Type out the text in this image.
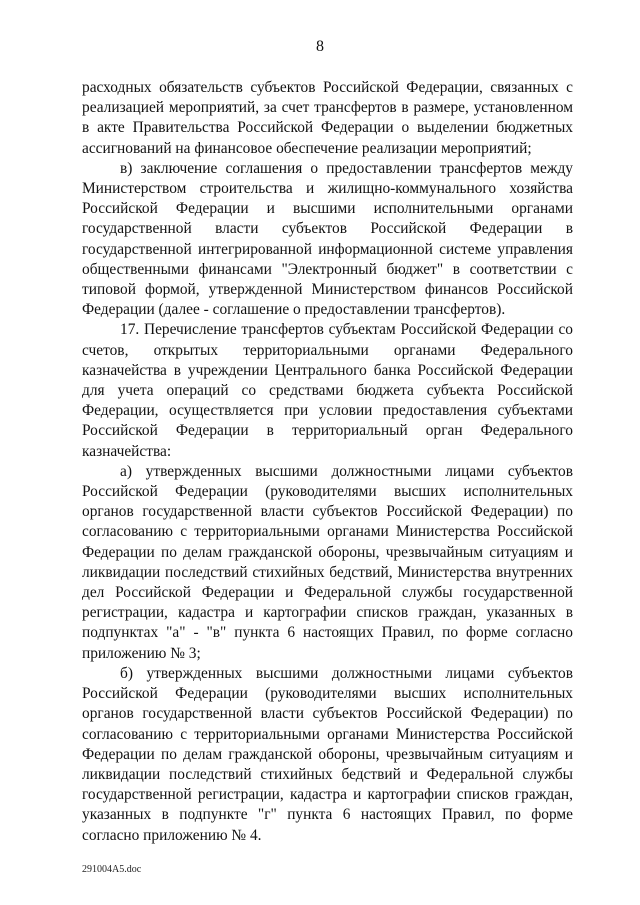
8

расходных обязательств субъектов Российской Федерации, связанных с реализацией мероприятий, за счет трансфертов в размере, установленном в акте Правительства Российской Федерации о выделении бюджетных ассигнований на финансовое обеспечение реализации мероприятий;

в) заключение соглашения о предоставлении трансфертов между Министерством строительства и жилищно-коммунального хозяйства Российской Федерации и высшими исполнительными органами государственной власти субъектов Российской Федерации в государственной интегрированной информационной системе управления общественными финансами "Электронный бюджет" в соответствии с типовой формой, утвержденной Министерством финансов Российской Федерации (далее - соглашение о предоставлении трансфертов).

17. Перечисление трансфертов субъектам Российской Федерации со счетов, открытых территориальными органами Федерального казначейства в учреждении Центрального банка Российской Федерации для учета операций со средствами бюджета субъекта Российской Федерации, осуществляется при условии предоставления субъектами Российской Федерации в территориальный орган Федерального казначейства:

а) утвержденных высшими должностными лицами субъектов Российской Федерации (руководителями высших исполнительных органов государственной власти субъектов Российской Федерации) по согласованию с территориальными органами Министерства Российской Федерации по делам гражданской обороны, чрезвычайным ситуациям и ликвидации последствий стихийных бедствий, Министерства внутренних дел Российской Федерации и Федеральной службы государственной регистрации, кадастра и картографии списков граждан, указанных в подпунктах "а" - "в" пункта 6 настоящих Правил, по форме согласно приложению № 3;

б) утвержденных высшими должностными лицами субъектов Российской Федерации (руководителями высших исполнительных органов государственной власти субъектов Российской Федерации) по согласованию с территориальными органами Министерства Российской Федерации по делам гражданской обороны, чрезвычайным ситуациям и ликвидации последствий стихийных бедствий и Федеральной службы государственной регистрации, кадастра и картографии списков граждан, указанных в подпункте "г" пункта 6 настоящих Правил, по форме согласно приложению № 4.

291004A5.doc
